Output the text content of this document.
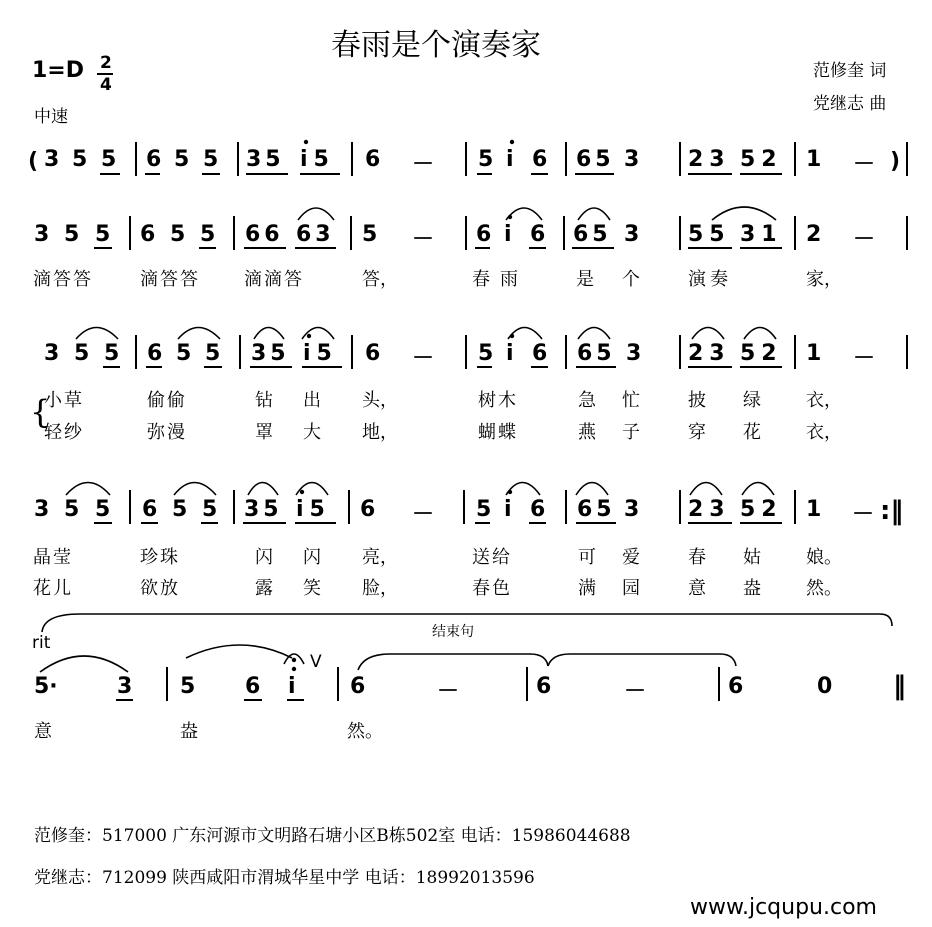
春雨是个演奏家
1=D 2
4
中速
范修奎 词
党继志 曲
(	)
3 5 5 6 5 5 35 i5 6 － 5 i 6 65 3 23 52 1 －
3 5 5 6 5 5 66 63 5 － 6 i 6 65 3 55 31 2 －
滴答答	滴答答 滴滴答	答，	春雨	是 个	演奏	家，
3 5 5 6 5 5 35 i5 6 － 5 i 6 65 3 23 52 1 －
小草	偷偷	钻 出 头，	树木	急 忙	披 绿	衣，
{
轻纱	弥漫	罩 大 地，	蝴蝶	燕 子	穿 花	衣，
3 5 5 6 5 5 35 i5 6 － 5 i 6 65 3 23 52 1 － :‖
晶莹	珍珠	闪 闪 亮，	送给	可 爱	春 姑	娘。
花儿	欲放	露 笑 脸，	春色	满 园	意 盎	然。
结束句
rit
V
5·	3 5 6 i 6	－	6	－	6	0 ‖
意	盎	然。
范修奎：517000 广东河源市文明路石塘小区B栋502室 电话：15986044688
党继志：712099 陕西咸阳市渭城华星中学 电话：18992013596
www.jcqupu.com
